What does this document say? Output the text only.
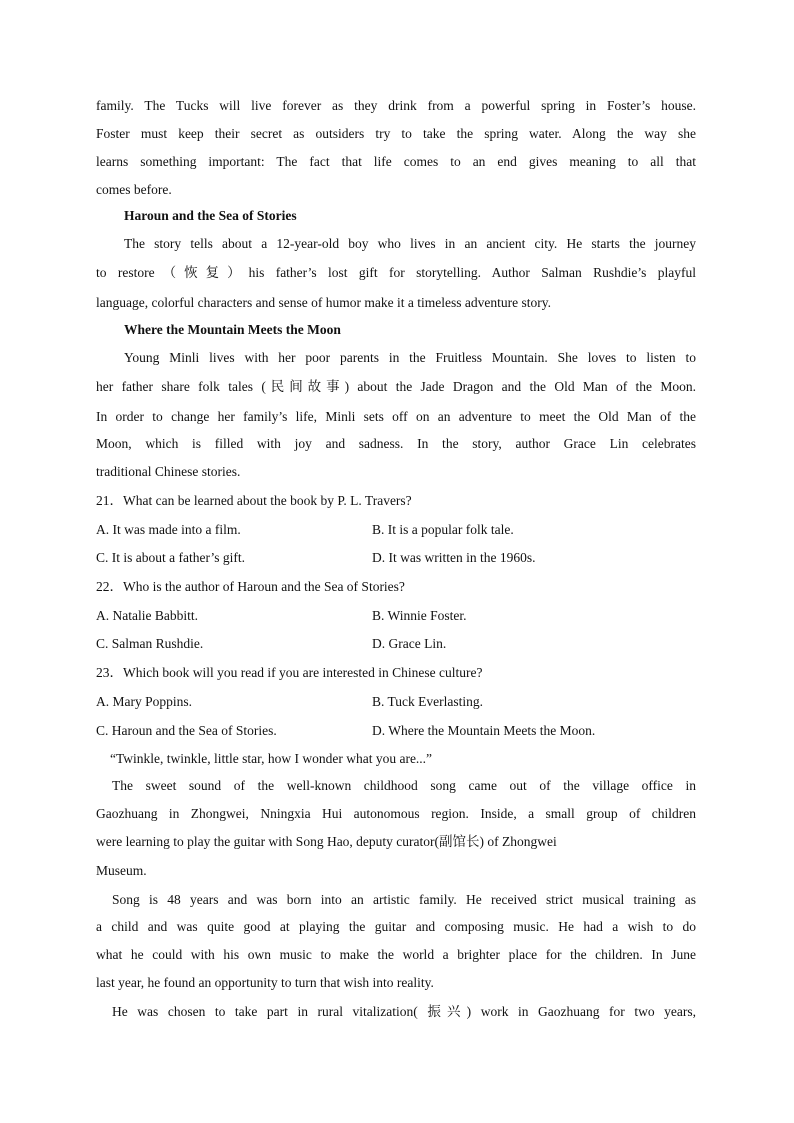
family. The Tucks will live forever as they drink from a powerful spring in Foster’s house.
Foster must keep their secret as outsiders try to take the spring water. Along the way she
learns something important: The fact that life comes to an end gives meaning to all that
comes before.
Haroun and the Sea of Stories
The story tells about a 12-year-old boy who lives in an ancient city. He starts the journey
to restore（恢复）his father’s lost gift for storytelling. Author Salman Rushdie’s playful
language, colorful characters and sense of humor make it a timeless adventure story.
Where the Mountain Meets the Moon
Young Minli lives with her poor parents in the Fruitless Mountain. She loves to listen to
her father share folk tales (民间故事) about the Jade Dragon and the Old Man of the Moon.
In order to change her family’s life, Minli sets off on an adventure to meet the Old Man of the
Moon, which is filled with joy and sadness. In the story, author Grace Lin celebrates
traditional Chinese stories.
21．What can be learned about the book by P. L. Travers?
A. It was made into a film.	B. It is a popular folk tale.
C. It is about a father’s gift.	D. It was written in the 1960s.
22．Who is the author of Haroun and the Sea of Stories?
A. Natalie Babbitt.	B. Winnie Foster.
C. Salman Rushdie.	D. Grace Lin.
23．Which book will you read if you are interested in Chinese culture?
A. Mary Poppins.	B. Tuck Everlasting.
C. Haroun and the Sea of Stories.	D. Where the Mountain Meets the Moon.
“Twinkle, twinkle, little star, how I wonder what you are...”
The sweet sound of the well-known childhood song came out of the village office in
Gaozhuang in Zhongwei, Nningxia Hui autonomous region. Inside, a small group of children
were learning to play the guitar with Song Hao, deputy curator(副馆长) of Zhongwei
Museum.
Song is 48 years and was born into an artistic family. He received strict musical training as
a child and was quite good at playing the guitar and composing music. He had a wish to do
what he could with his own music to make the world a brighter place for the children. In June
last year, he found an opportunity to turn that wish into reality.
He was chosen to take part in rural vitalization( 振兴) work in Gaozhuang for two years,
